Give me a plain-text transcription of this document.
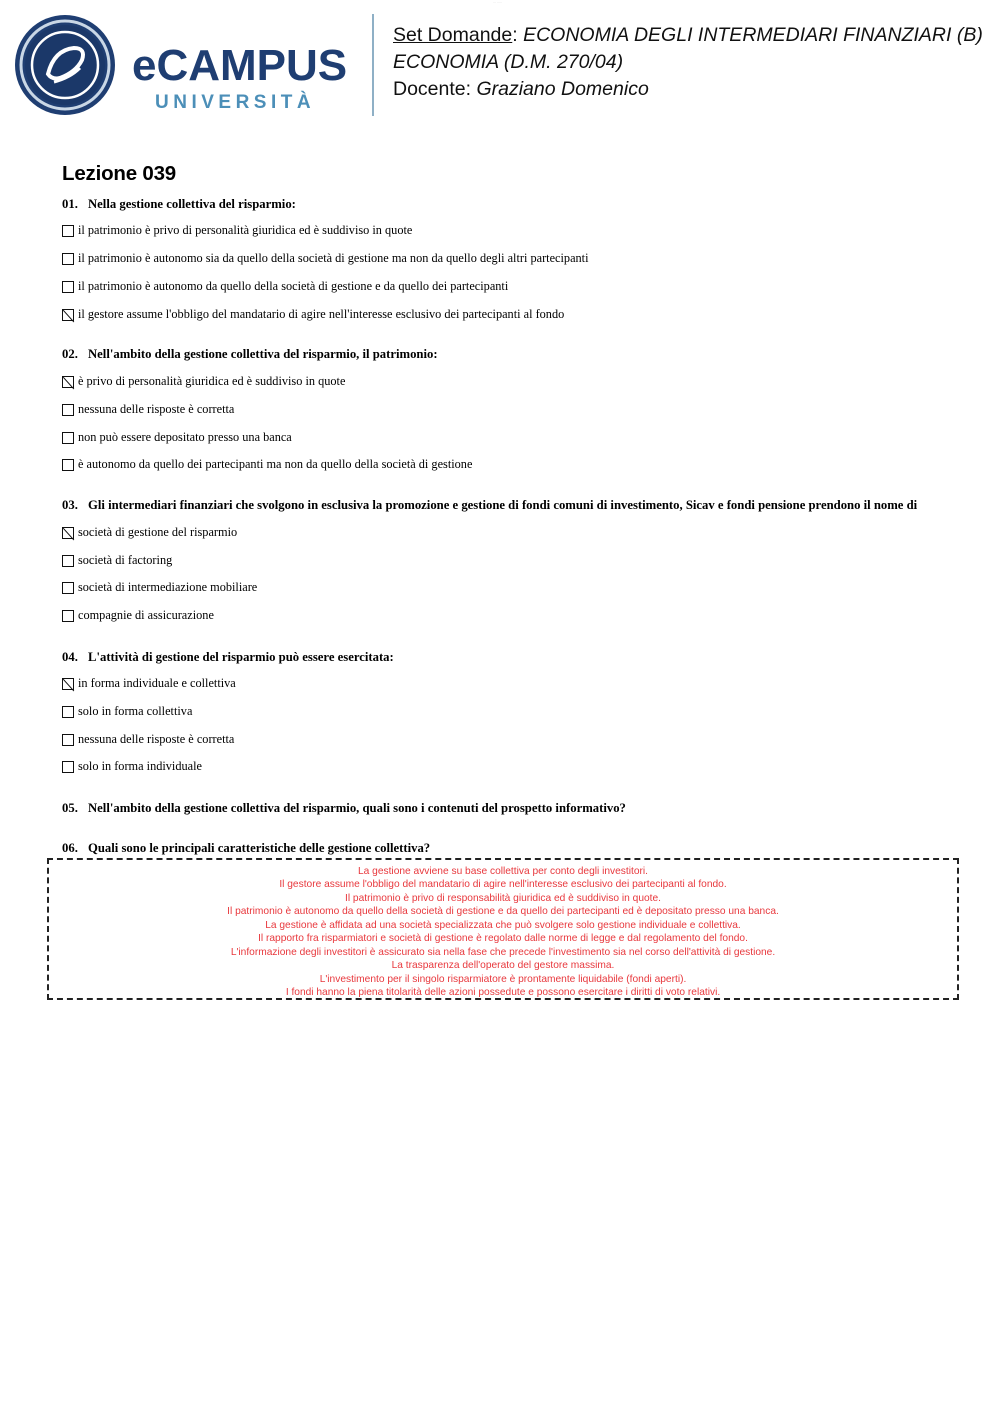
··· ·····
eCAMPUS
UNIVERSITÀ
Set Domande: ECONOMIA DEGLI INTERMEDIARI FINANZIARI (B)
ECONOMIA (D.M. 270/04)
Docente: Graziano Domenico
Lezione 039
01. Nella gestione collettiva del risparmio:
il patrimonio è privo di personalità giuridica ed è suddiviso in quote
il patrimonio è autonomo sia da quello della società di gestione ma non da quello degli altri partecipanti
il patrimonio è autonomo da quello della società di gestione e da quello dei partecipanti
il gestore assume l'obbligo del mandatario di agire nell'interesse esclusivo dei partecipanti al fondo
02. Nell'ambito della gestione collettiva del risparmio, il patrimonio:
è privo di personalità giuridica ed è suddiviso in quote
nessuna delle risposte è corretta
non può essere depositato presso una banca
è autonomo da quello dei partecipanti ma non da quello della società di gestione
03. Gli intermediari finanziari che svolgono in esclusiva la promozione e gestione di fondi comuni di investimento, Sicav e fondi pensione prendono il nome di
società di gestione del risparmio
società di factoring
società di intermediazione mobiliare
compagnie di assicurazione
04. L'attività di gestione del risparmio può essere esercitata:
in forma individuale e collettiva
solo in forma collettiva
nessuna delle risposte è corretta
solo in forma individuale
05. Nell'ambito della gestione collettiva del risparmio, quali sono i contenuti del prospetto informativo?
06. Quali sono le principali caratteristiche delle gestione collettiva?
La gestione avviene su base collettiva per conto degli investitori.
Il gestore assume l'obbligo del mandatario di agire nell'interesse esclusivo dei partecipanti al fondo.
Il patrimonio è privo di responsabilità giuridica ed è suddiviso in quote.
Il patrimonio è autonomo da quello della società di gestione e da quello dei partecipanti ed è depositato presso una banca.
La gestione è affidata ad una società specializzata che può svolgere solo gestione individuale e collettiva.
Il rapporto fra risparmiatori e società di gestione è regolato dalle norme di legge e dal regolamento del fondo.
L'informazione degli investitori è assicurato sia nella fase che precede l'investimento sia nel corso dell'attività di gestione.
La trasparenza dell'operato del gestore massima.
L'investimento per il singolo risparmiatore è prontamente liquidabile (fondi aperti).
I fondi hanno la piena titolarità delle azioni possedute e possono esercitare i diritti di voto relativi.
